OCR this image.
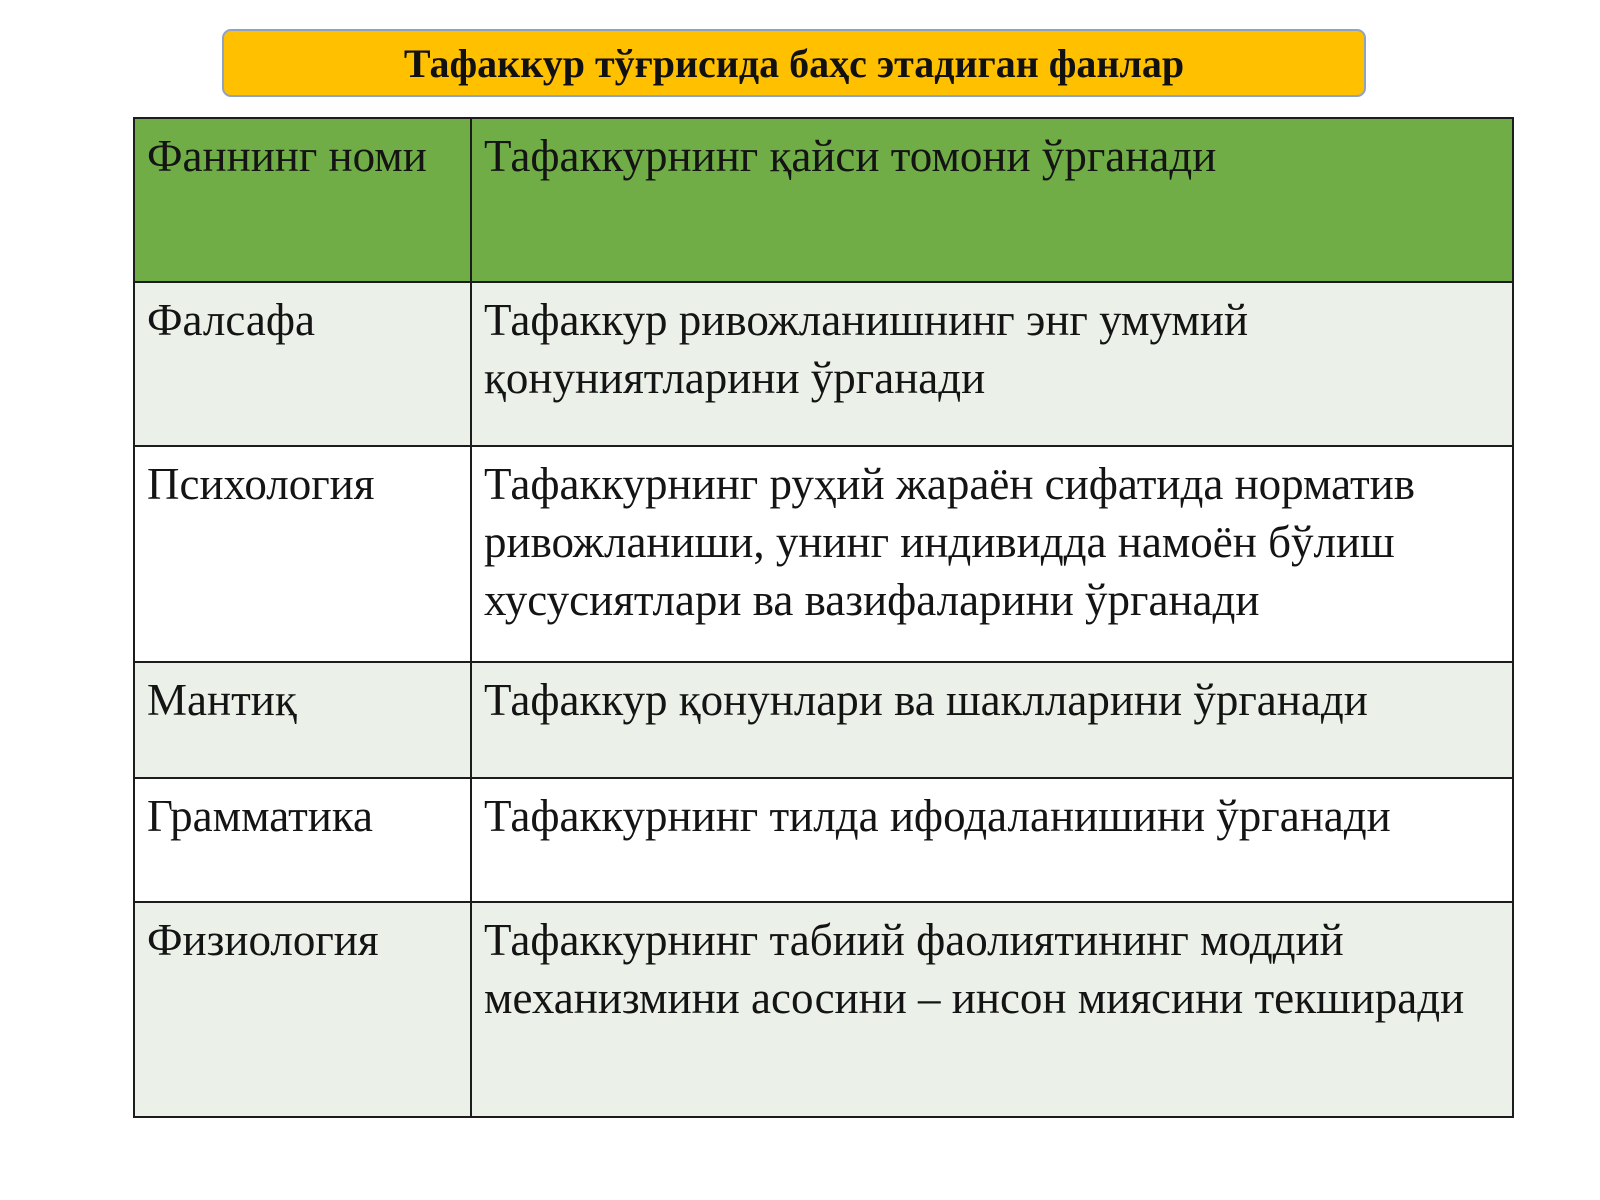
Тафаккур тўғрисида баҳс этадиган фанлар
Фаннинг номи	Тафаккурнинг қайси томони ўрганади
Фалсафа	Тафаккур ривожланишнинг энг умумий қонуниятларини ўрганади
Психология	Тафаккурнинг руҳий жараён сифатида норматив ривожланиши, унинг индивидда намоён бўлиш хусусиятлари ва вазифаларини ўрганади
Мантиқ	Тафаккур қонунлари ва шаклларини ўрганади
Грамматика	Тафаккурнинг тилда ифодаланишини ўрганади
Физиология	Тафаккурнинг табиий фаолиятининг моддий механизмини асосини – инсон миясини текширади
